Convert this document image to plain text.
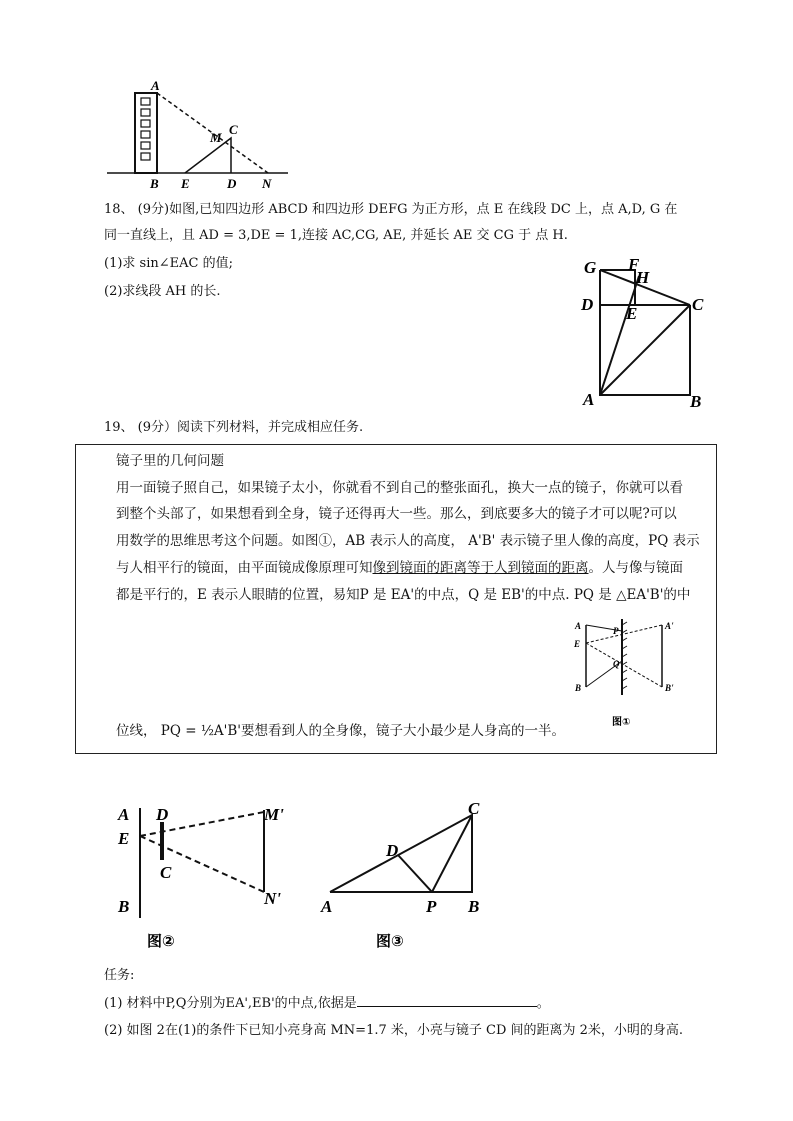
A
M
C
B E	D N
18、 (9分)如图,已知四边形 ABCD 和四边形 DEFG 为正方形，点 E 在线段 DC 上，点 A,D, G 在
同一直线上，且 AD = 3,DE = 1,连接 AC,CG, AE, 并延长 AE 交 CG 于 点 H.
(1)求 sin∠EAC 的值;
(2)求线段 AH 的长.
G F
H
D E	C
A	B
19、 (9分）阅读下列材料，并完成相应任务.
镜子里的几何问题
用一面镜子照自己，如果镜子太小，你就看不到自己的整张面孔，换大一点的镜子，你就可以看
到整个头部了，如果想看到全身，镜子还得再大一些。那么，到底要多大的镜子才可以呢?可以
用数学的思维思考这个问题。如图①，AB 表示人的高度， A'B' 表示镜子里人像的高度，PQ 表示
与人相平行的镜面，由平面镜成像原理可知像到镜面的距离等于人到镜面的距离。人与像与镜面
都是平行的，E 表示人眼睛的位置，易知P 是 EA'的中点，Q 是 EB'的中点. PQ 是 △EA'B'的中
位线， PQ = ½A'B'要想看到人的全身像，镜子大小最少是人身高的一半。
A	P	A'
E
Q
B	B'
图①
A D	M'
E
C
N'
B
图②
C
D
A	P B
图③
任务:
(1) 材料中P,Q分别为EA',EB'的中点,依据是	。
(2) 如图 2在(1)的条件下已知小亮身高 MN=1.7 米，小亮与镜子 CD 间的距离为 2米，小明的身高.
